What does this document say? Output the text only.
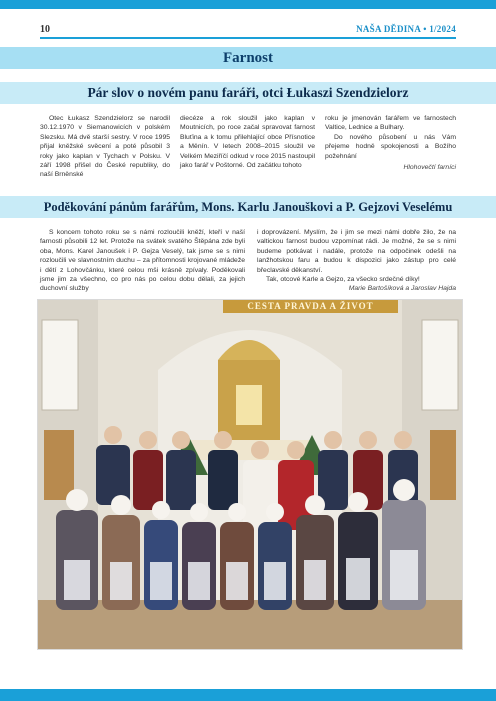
10	NAŠA DĚDINA • 1/2024
Farnost
Pár slov o novém panu faráři, otci Łukaszi Szendzielorz

Otec Łukasz Szendzielorz se narodil 30.12.1970 v Siemanowicích v polském Slezsku. Má dvě starší sestry. V roce 1995 přijal kněžské svěcení a poté působil 3 roky jako kaplan v Tychach v Polsku. V září 1998 přišel do České republiky, do naší Brněnské

diecéze a rok sloužil jako kaplan v Moutnicích, po roce začal spravovat farnost Bluťina a k tomu přilehlající obce Přísnotice a Měnín. V letech 2008–2015 sloužil ve Velkém Meziříčí odkud v roce 2015 nastoupil jako farář v Poštorné. Od začátku tohoto

roku je jmenován farářem ve farnostech Valtice, Lednice a Bulhary.

Do nového působení u nás Vám přejeme hodně spokojenosti a Božího požehnání

Hlohovečtí farníci
Poděkování pánům farářům, Mons. Karlu Janouškovi a P. Gejzovi Veselému

S koncem tohoto roku se s námi rozloučili kněží, kteří v naší farnosti působili 12 let. Protože na svátek svatého Štěpána zde byli oba, Mons. Karel Janoušek i P. Gejza Veselý, tak jsme se s nimi rozloučili ve slavnostním duchu – za přítomnosti krojované mládeže i dětí z Lohovčánku, které celou mši krásně zpívaly. Poděkovali jsme jim za všechno, co pro nás po celou dobu dělali, za jejich duchovní služby

i doprovázení. Myslím, že i jim se mezi námi dobře žilo, že na valtickou farnost budou vzpomínat rádi. Je možné, že se s nimi budeme potkávat i nadále, protože na odpočinek odešli na lanžhotskou faru a budou k dispozici jako zástup pro celé břeclavské děkanství.

Tak, otcové Karle a Gejzo, za všecko srdečné díky!

Marie Bartošíková a Jaroslav Hajda
CESTA PRAVDA A ŽIVOT
